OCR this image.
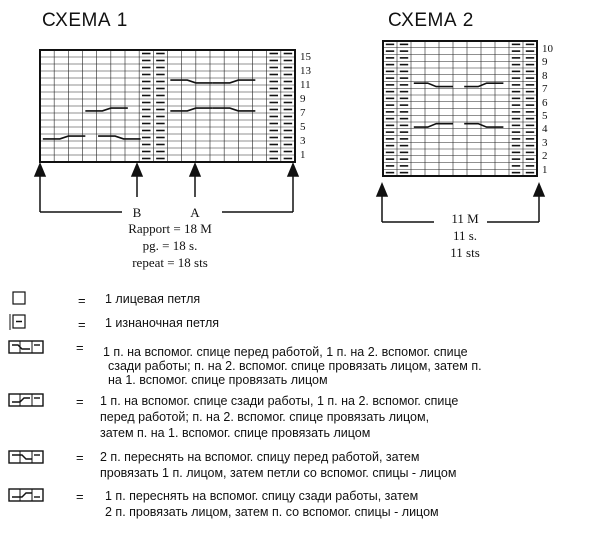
СХЕМА 1
15
13
11
9
7
5
3
1
B	A
Rapport = 18 M
pg. = 18 s.
repeat = 18 sts
СХЕМА 2
10
9
8
7
6
5
4
3
2
1
11 M
11 s.
11 sts
= 1 лицевая петля
= 1 изнаночная петля
= 1 п. на вспомог. спице перед работой, 1 п. на 2. вспомог. спице
сзади работы; п. на 2. вспомог. спице провязать лицом, затем п.
на 1. вспомог. спице провязать лицом
= 1 п. на вспомог. спице сзади работы, 1 п. на 2. вспомог. спице
перед работой; п. на 2. вспомог. спице провязать лицом,
затем п. на 1. вспомог. спице провязать лицом
= 2 п. переснять на вспомог. спицу перед работой, затем
провязать 1 п. лицом, затем петли со вспомог. спицы - лицом
= 1 п. переснять на вспомог. спицу сзади работы, затем
2 п. провязать лицом, затем п. со вспомог. спицы - лицом
